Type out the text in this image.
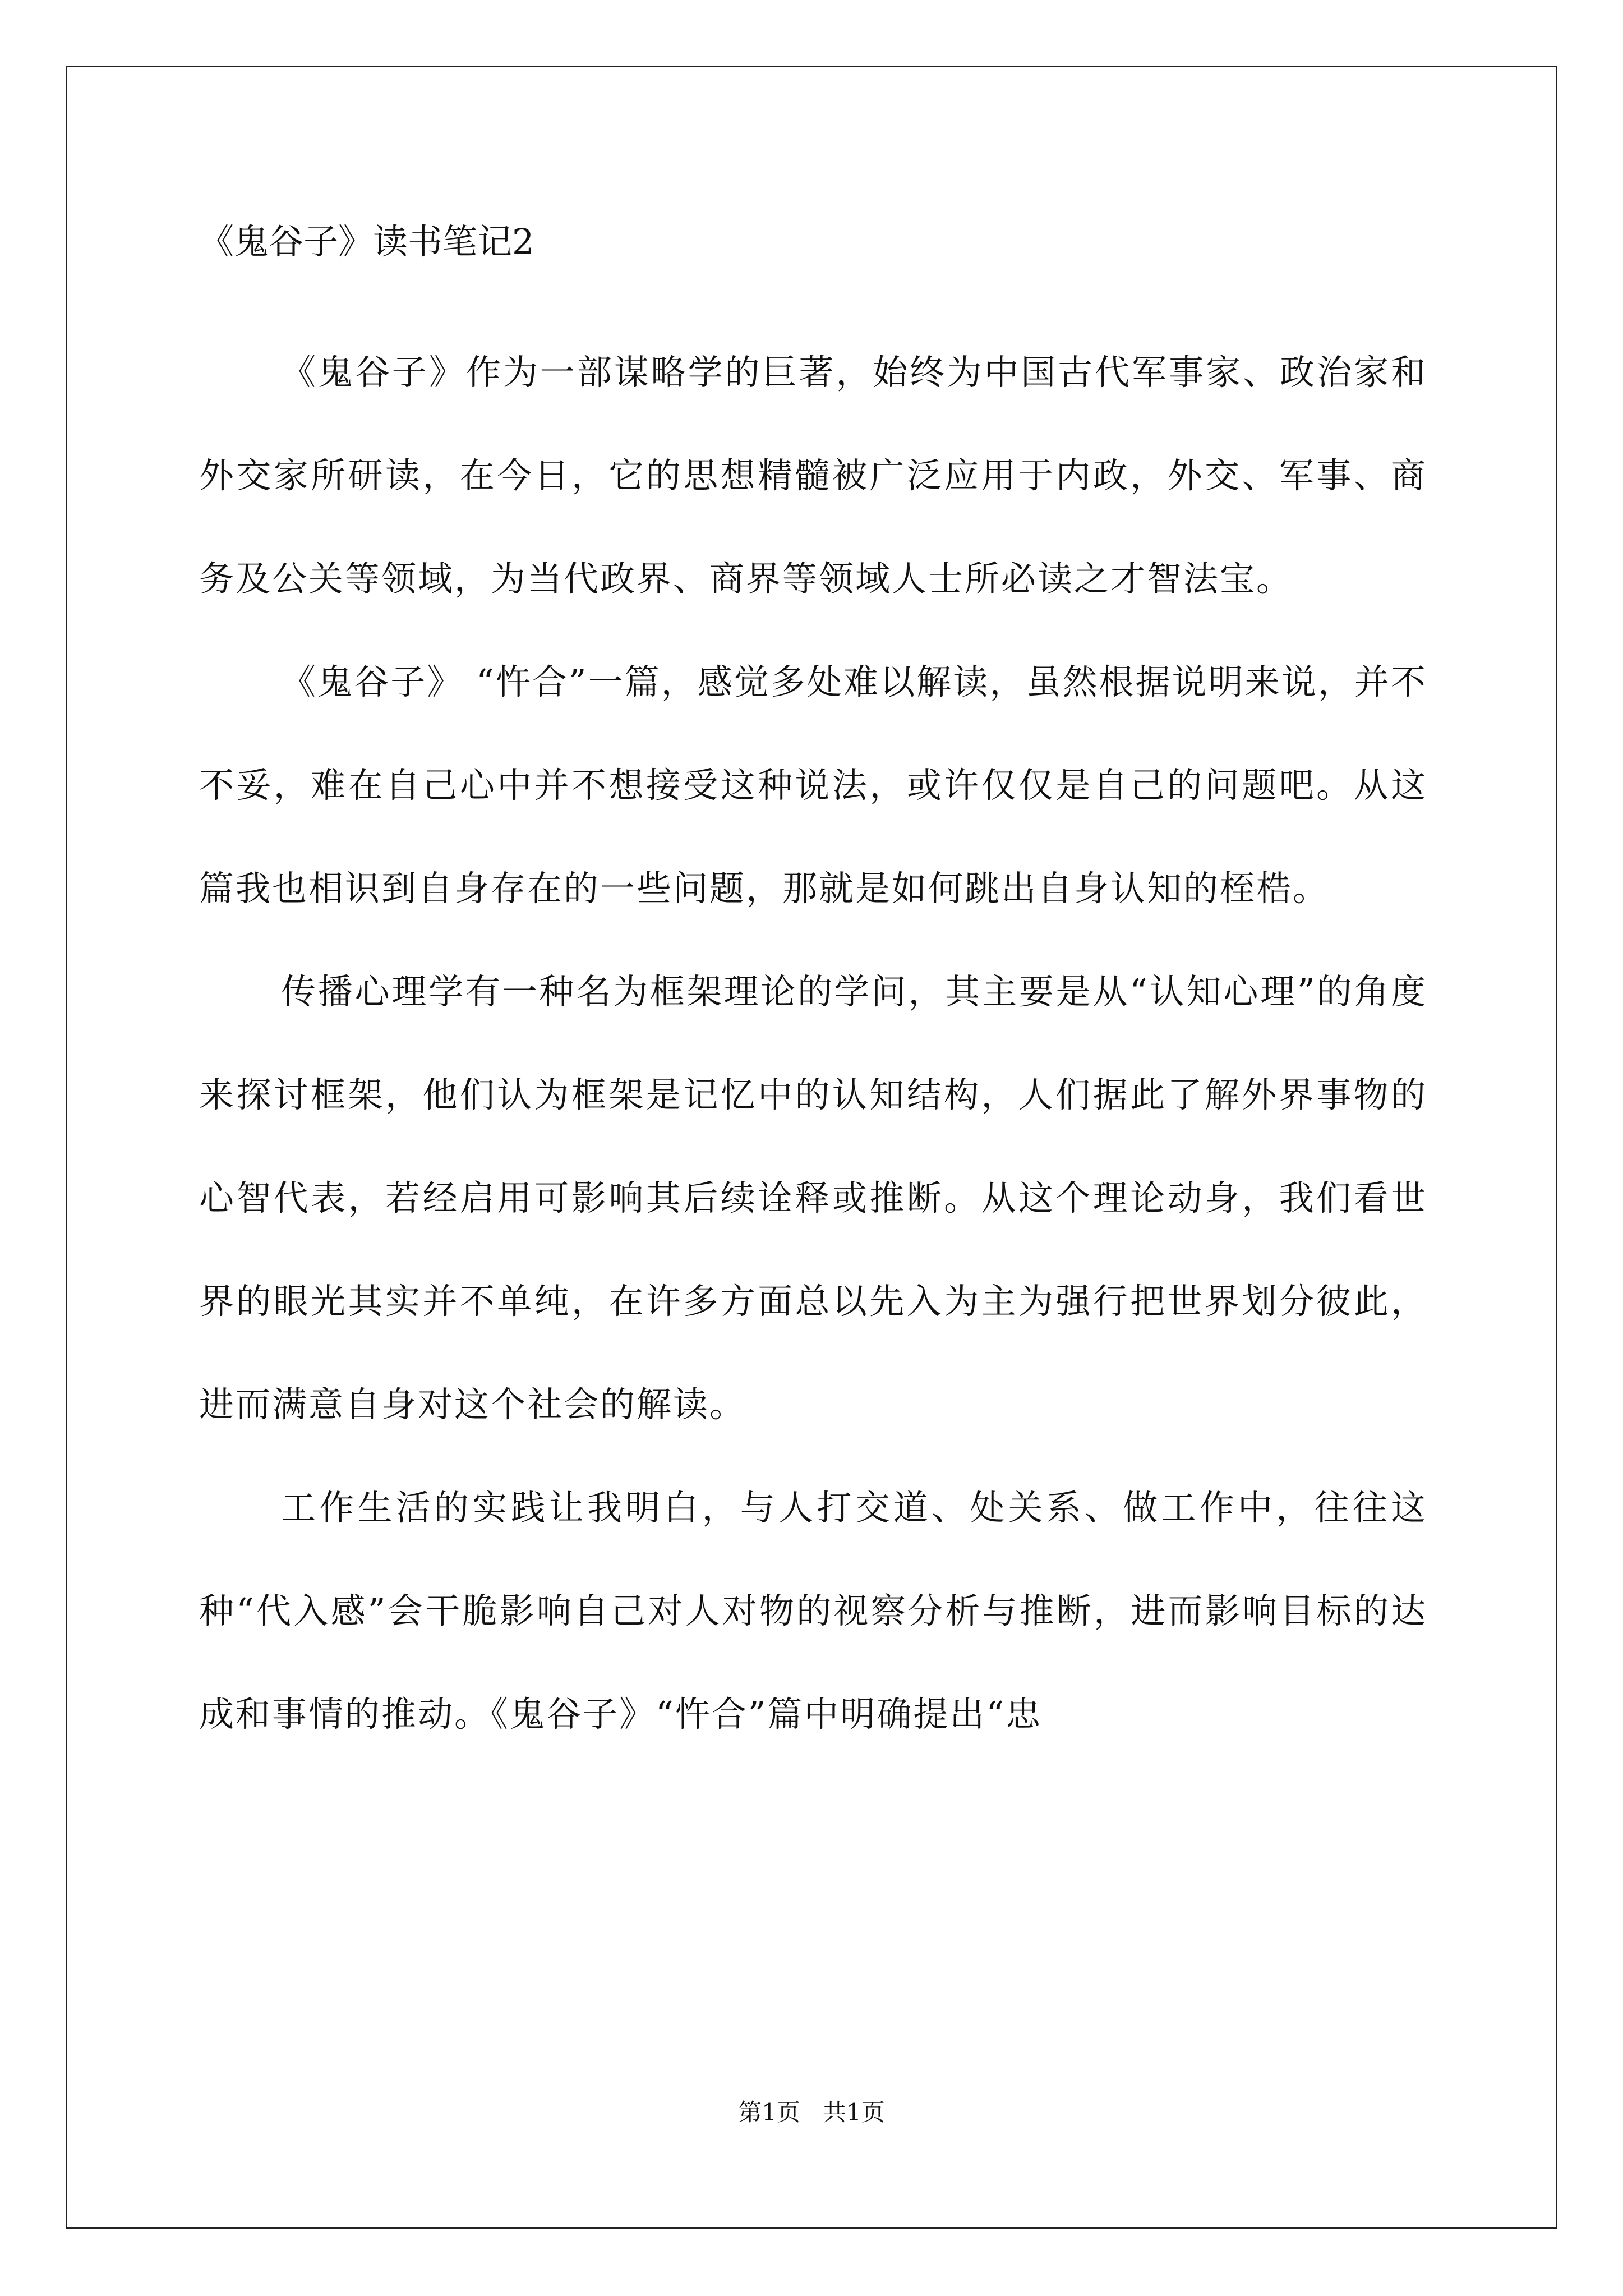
《鬼谷子》读书笔记2

《鬼谷子》作为一部谋略学的巨著，始终为中国古代军事家、政治家和外交家所研读，在今日，它的思想精髓被广泛应用于内政，外交、军事、商务及公关等领域，为当代政界、商界等领域人士所必读之才智法宝。

《鬼谷子》 “忤合”一篇，感觉多处难以解读，虽然根据说明来说，并不不妥，难在自己心中并不想接受这种说法，或许仅仅是自己的问题吧。从这篇我也相识到自身存在的一些问题，那就是如何跳出自身认知的桎梏。

传播心理学有一种名为框架理论的学问，其主要是从“认知心理”的角度来探讨框架，他们认为框架是记忆中的认知结构，人们据此了解外界事物的心智代表，若经启用可影响其后续诠释或推断。从这个理论动身，我们看世界的眼光其实并不单纯，在许多方面总以先入为主为强行把世界划分彼此，进而满意自身对这个社会的解读。

工作生活的实践让我明白，与人打交道、处关系、做工作中，往往这种“代入感”会干脆影响自己对人对物的视察分析与推断，进而影响目标的达成和事情的推动。《鬼谷子》“忤合”篇中明确提出“忠

第1页   共1页
